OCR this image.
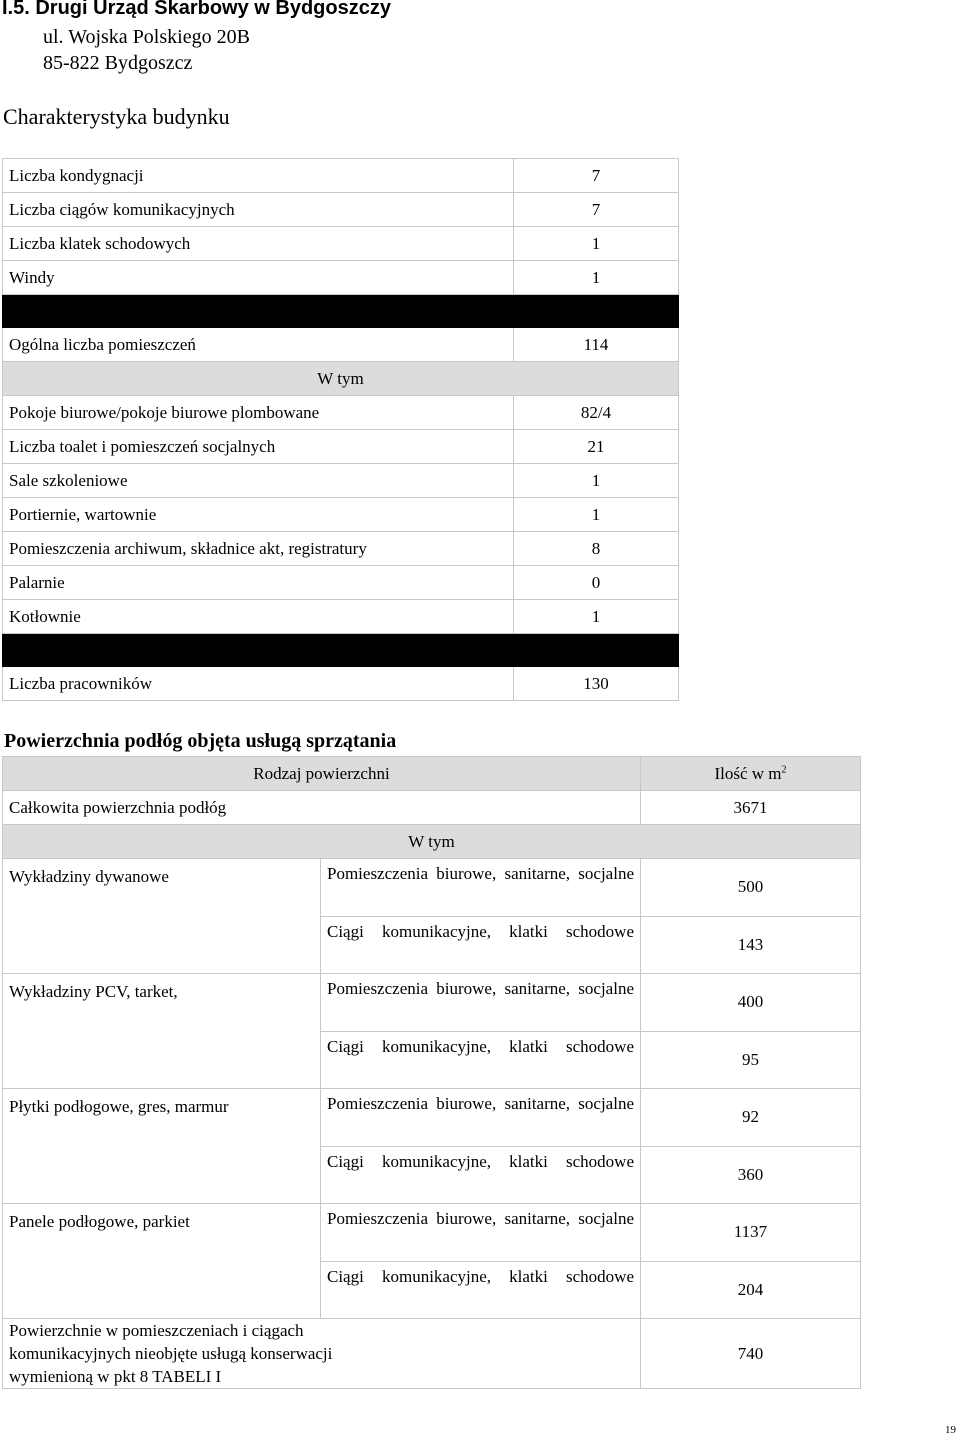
I.5. Drugi Urząd Skarbowy w Bydgoszczy
ul. Wojska Polskiego 20B
85-822 Bydgoszcz
Charakterystyka budynku
Liczba kondygnacji	7
Liczba ciągów komunikacyjnych	7
Liczba klatek schodowych	1
Windy	1

Ogólna liczba pomieszczeń	114
W tym	
Pokoje biurowe/pokoje biurowe plombowane	82/4
Liczba toalet i pomieszczeń socjalnych	21
Sale szkoleniowe	1
Portiernie, wartownie	1
Pomieszczenia archiwum, składnice akt, registratury	8
Palarnie	0
Kotłownie	1

Liczba pracowników	130
Powierzchnia podłóg objęta usługą sprzątania
Rodzaj powierzchni		Ilość w $m^2$
Całkowita powierzchnia podłóg		3671
W tym		
Wykładziny dywanowe	Pomieszczenia biurowe, sanitarne, socjalne	500
	Ciągi komunikacyjne, klatki schodowe	143
Wykładziny PCV, tarket,	Pomieszczenia biurowe, sanitarne, socjalne	400
	Ciągi komunikacyjne, klatki schodowe	95
Płytki podłogowe, gres, marmur	Pomieszczenia biurowe, sanitarne, socjalne	92
	Ciągi komunikacyjne, klatki schodowe	360
Panele podłogowe, parkiet	Pomieszczenia biurowe, sanitarne, socjalne	1137
	Ciągi komunikacyjne, klatki schodowe	204
Powierzchnie w pomieszczeniach i ciągach komunikacyjnych nieobjęte usługą konserwacji wymienioną w pkt 8 TABELI I		740
19
